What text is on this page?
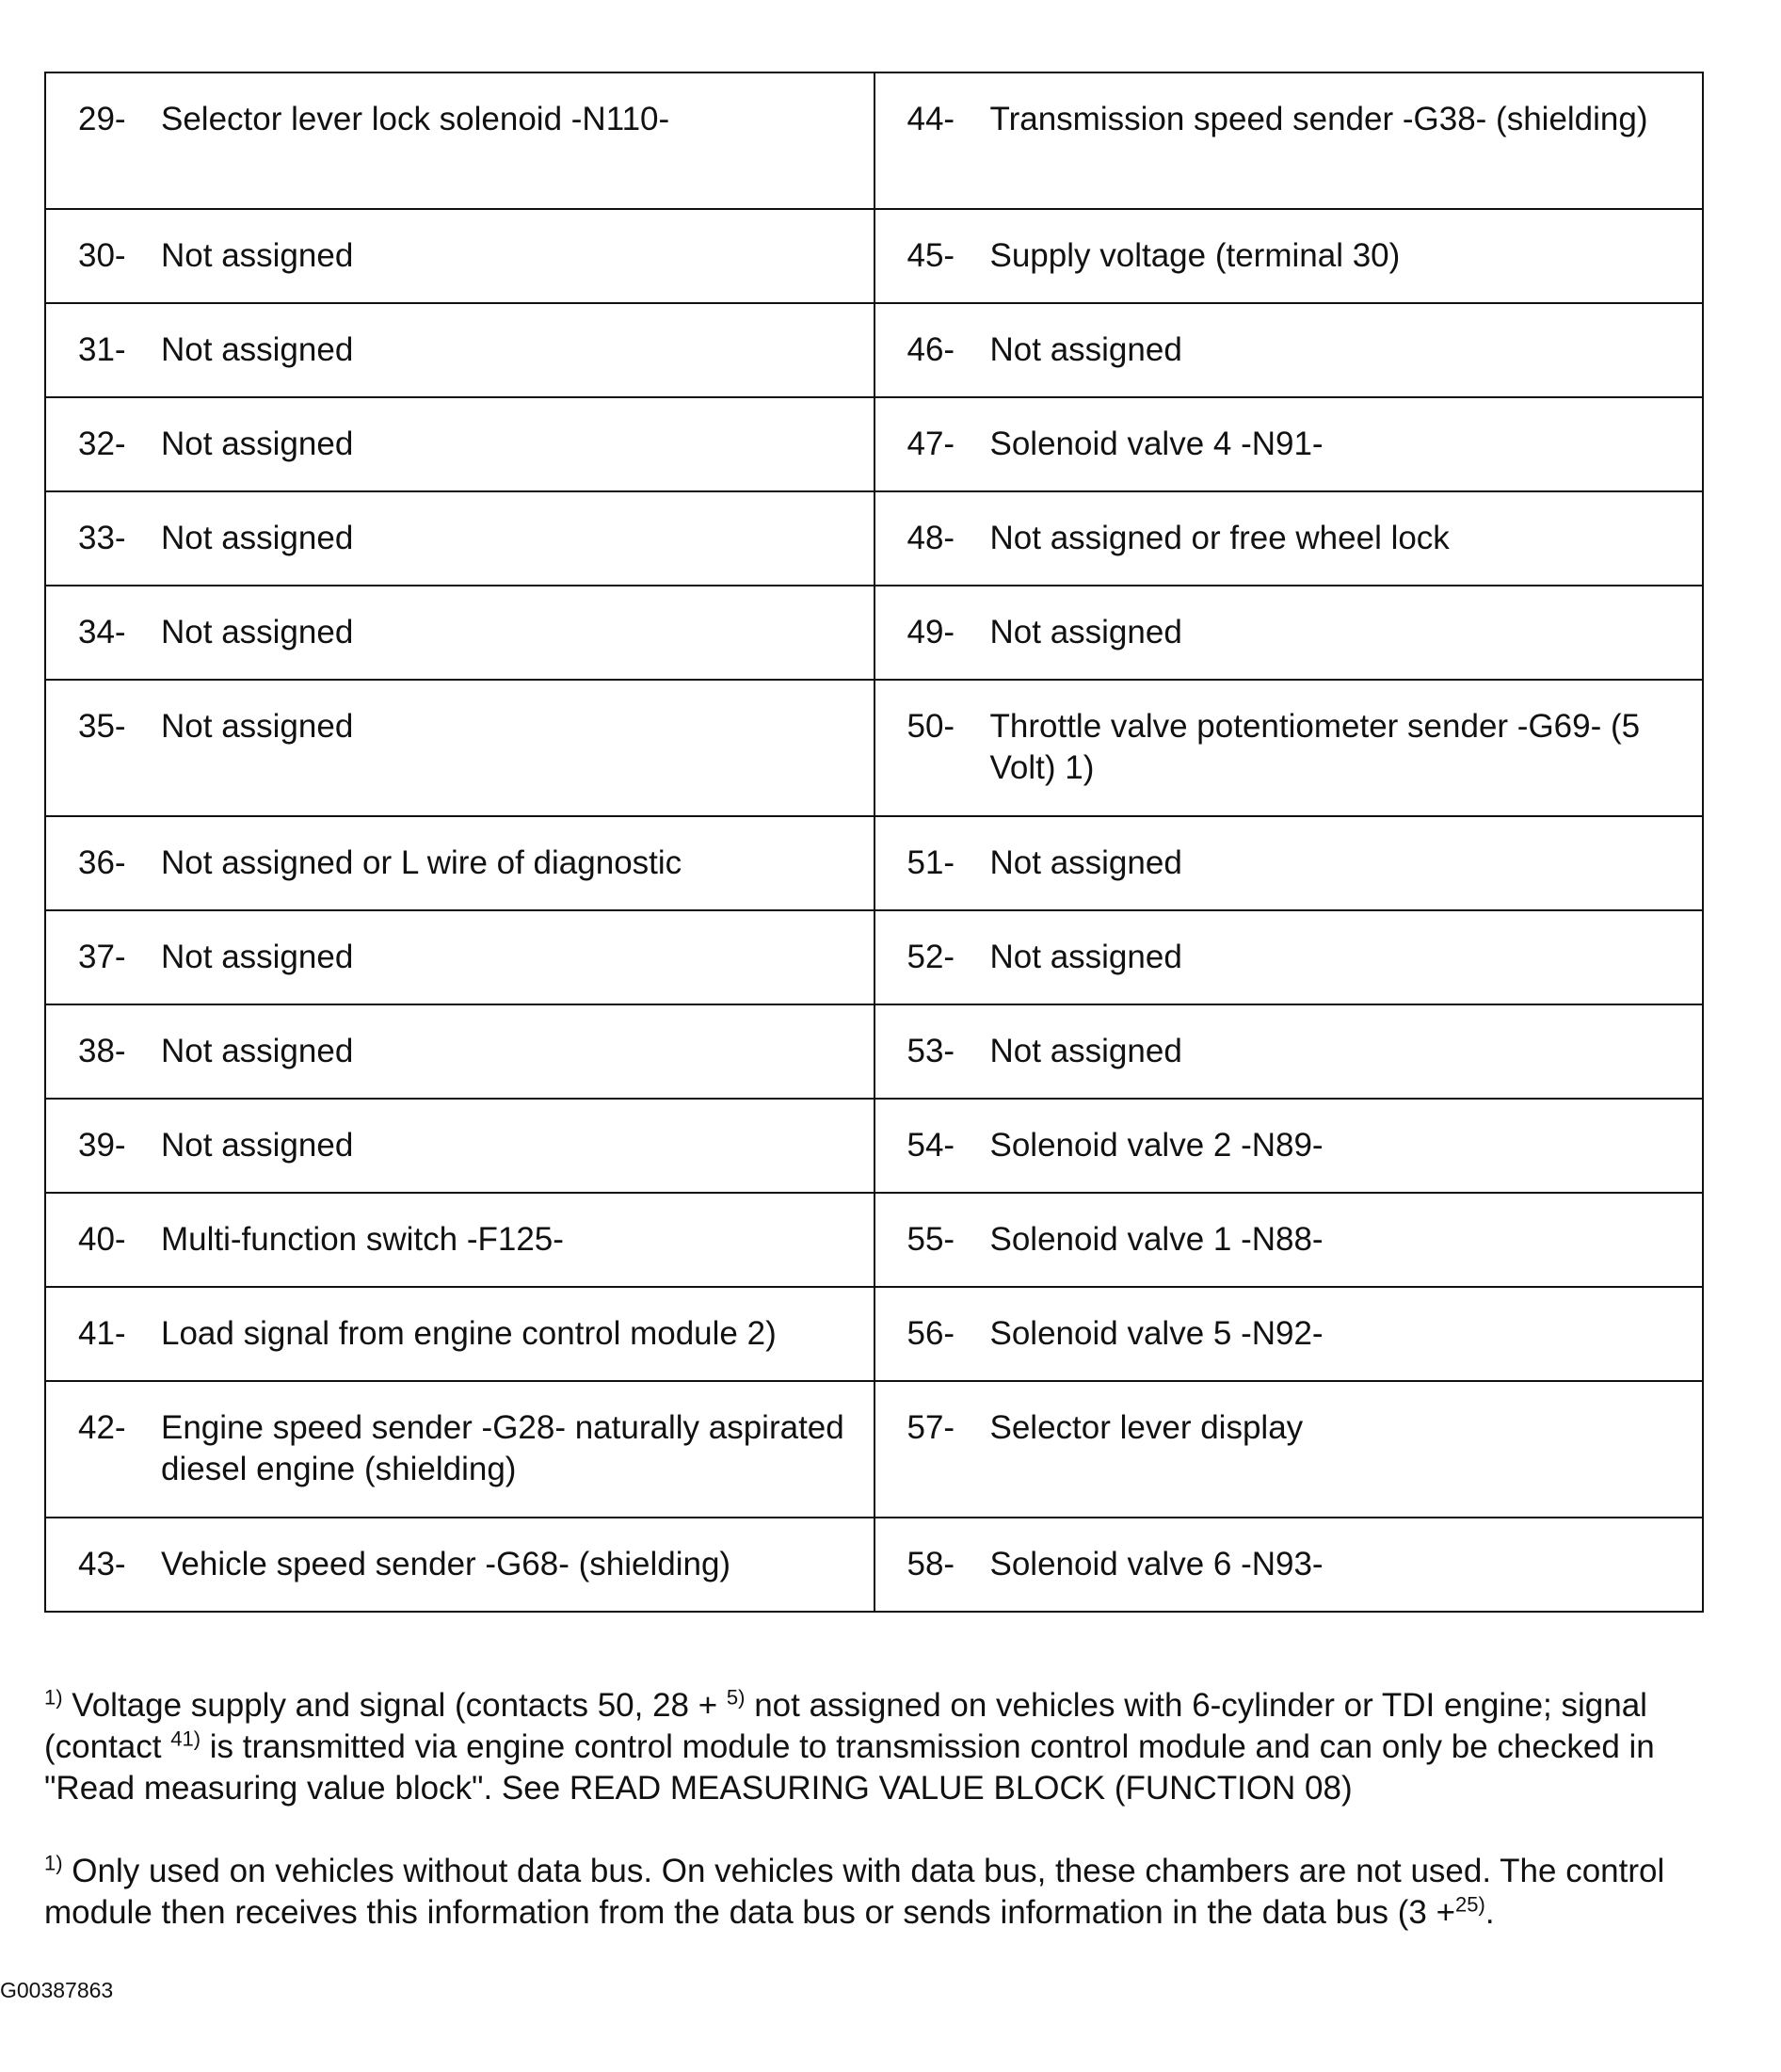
29- Selector lever lock solenoid -N110-	44- Transmission speed sender -G38- (shielding)

30- Not assigned	45- Supply voltage (terminal 30)

31- Not assigned	46- Not assigned

32- Not assigned	47- Solenoid valve 4 -N91-

33- Not assigned	48- Not assigned or free wheel lock

34- Not assigned	49- Not assigned

35- Not assigned	50- Throttle valve potentiometer sender -G69- (5 Volt) 1)

36- Not assigned or L wire of diagnostic	51- Not assigned

37- Not assigned	52- Not assigned

38- Not assigned	53- Not assigned

39- Not assigned	54- Solenoid valve 2 -N89-

40- Multi-function switch -F125-	55- Solenoid valve 1 -N88-

41- Load signal from engine control module 2)	56- Solenoid valve 5 -N92-

42- Engine speed sender -G28- naturally aspirated diesel engine (shielding)	57- Selector lever display

43- Vehicle speed sender -G68- (shielding)	58- Solenoid valve 6 -N93-

$^{1)}$ Voltage supply and signal (contacts 50, 28 + $^{5)}$ not assigned on vehicles with 6-cylinder or TDI engine; signal (contact $^{41)}$ is transmitted via engine control module to transmission control module and can only be checked in "Read measuring value block". See READ MEASURING VALUE BLOCK (FUNCTION 08)

$^{1)}$ Only used on vehicles without data bus. On vehicles with data bus, these chambers are not used. The control module then receives this information from the data bus or sends information in the data bus (3 +$^{25)}$.

G00387863
